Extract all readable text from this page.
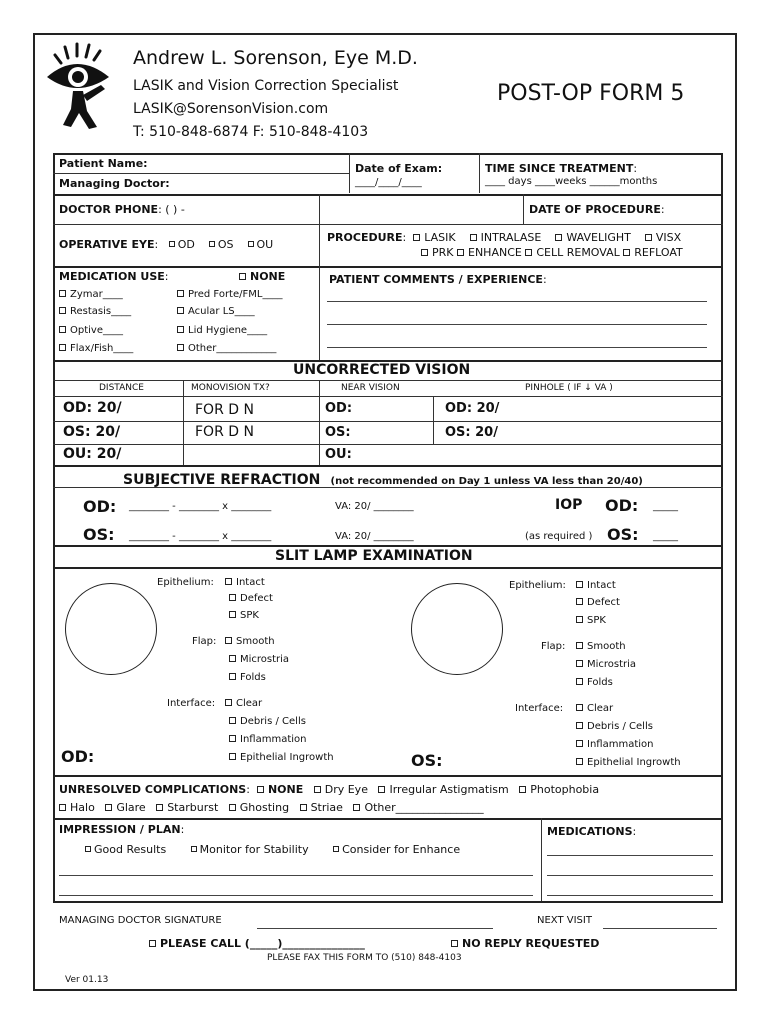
Andrew L. Sorenson, Eye M.D.
LASIK and Vision Correction Specialist
LASIK@SorensonVision.com
T: 510-848-6874 F: 510-848-4103
POST-OP FORM 5
Patient Name:
Managing Doctor:
Date of Exam:
____/____/____
TIME SINCE TREATMENT:
____ days ____weeks ______months
DOCTOR PHONE: ( ) -	DATE OF PROCEDURE:
OPERATIVE EYE: OD OS OU
PROCEDURE: LASIK INTRALASE WAVELIGHT VISX
PRK ENHANCE CELL REMOVAL REFLOAT
MEDICATION USE:	NONE
Zymar____	Pred Forte/FML____
Restasis____	Acular LS____
Optive____	Lid Hygiene____
Flax/Fish____	Other____________
PATIENT COMMENTS / EXPERIENCE:
UNCORRECTED VISION
DISTANCE	MONOVISION TX?	NEAR VISION	PINHOLE ( IF ↓ VA )
OD: 20/	FOR D N	OD:	OD: 20/
OS: 20/	FOR D N	OS:	OS: 20/
OU: 20/	OU:
SUBJECTIVE REFRACTION (not recommended on Day 1 unless VA less than 20/40)
OD: ________ - ________ x ________	VA: 20/ ________	IOP OD: _____
OS: ________ - ________ x ________	VA: 20/ ________	(as required ) OS: _____
SLIT LAMP EXAMINATION
Epithelium:	Intact
Defect
SPK
Flap:	Smooth
Microstria
Folds
Interface:	Clear
Debris / Cells
Inflammation
Epithelial Ingrowth
OD:
Epithelium:	Intact
Defect
SPK
Flap:	Smooth
Microstria
Folds
Interface:	Clear
Debris / Cells
Inflammation
Epithelial Ingrowth
OS:
UNRESOLVED COMPLICATIONS: NONE Dry Eye Irregular Astigmatism Photophobia
Halo Glare Starburst Ghosting Striae Other________________
IMPRESSION / PLAN:
Good Results	Monitor for Stability	Consider for Enhance
MEDICATIONS:
MANAGING DOCTOR SIGNATURE	NEXT VISIT
PLEASE CALL (_____)_______________	NO REPLY REQUESTED
PLEASE FAX THIS FORM TO (510) 848-4103
Ver 01.13
